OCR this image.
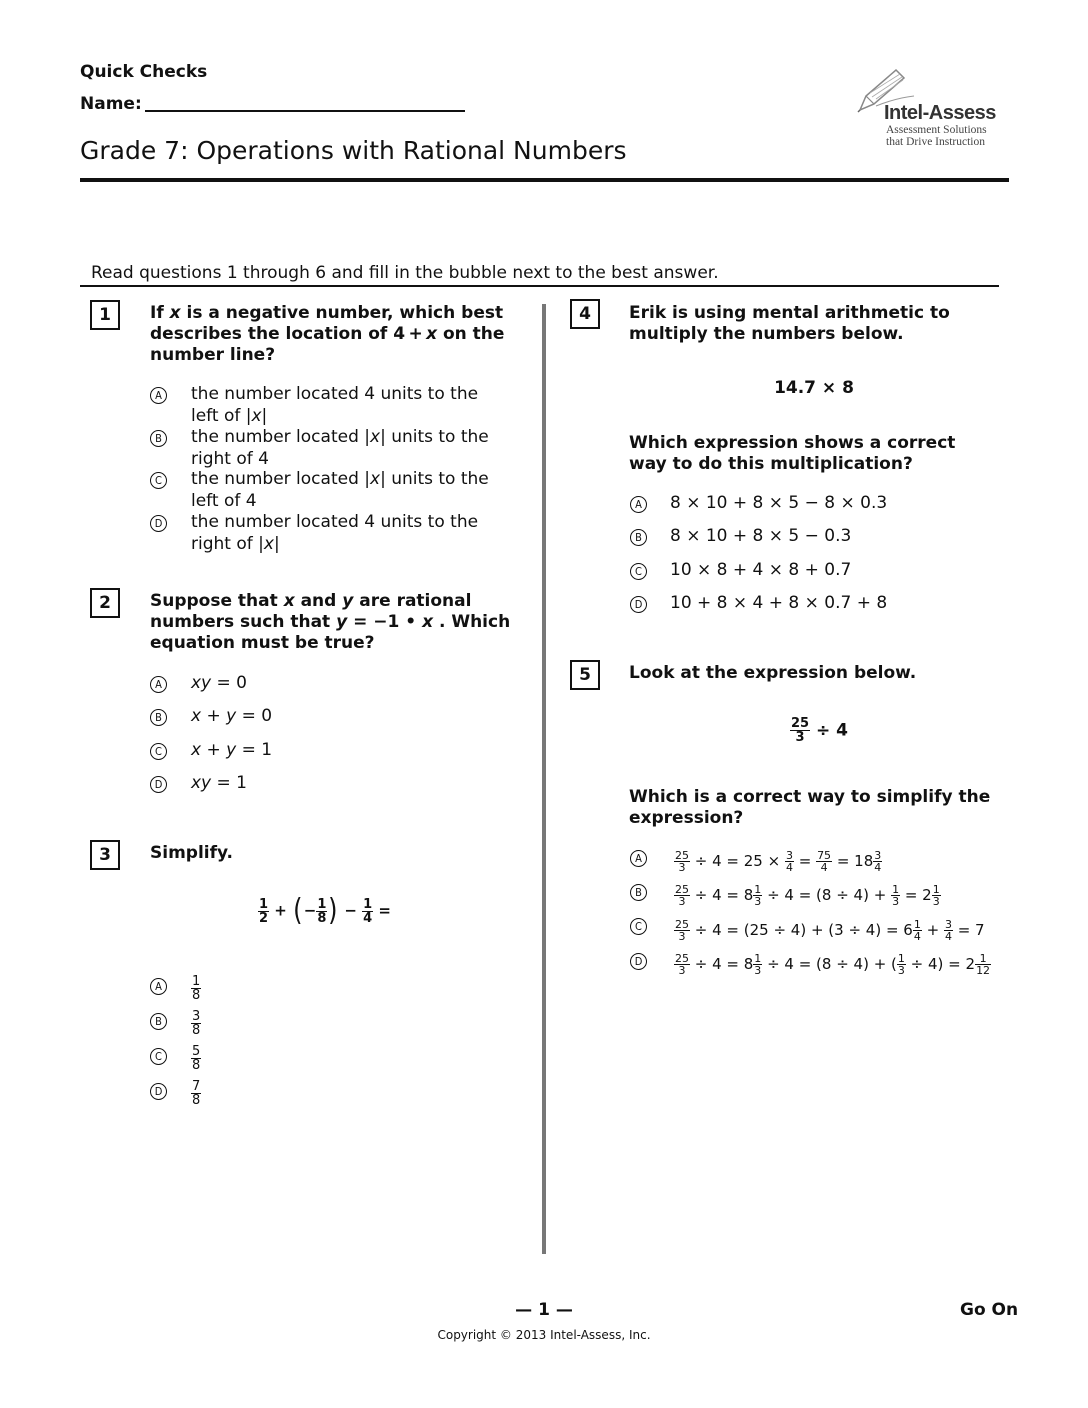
Quick Checks
Name:
Grade 7: Operations with Rational Numbers
Intel-Assess
Assessment Solutions
that Drive Instruction
Read questions 1 through 6 and fill in the bubble next to the best answer.
1	If x is a negative number, which best describes the location of 4 + x on the number line?
A	the number located 4 units to the
left of |x|
B	the number located |x| units to the
right of 4
C the number located |x| units to the
left of 4
D the number located 4 units to the
right of |x|
2	Suppose that x and y are rational numbers such that y = −1 • x . Which equation must be true?
A	xy = 0
B	x + y = 0
C x + y = 1
D xy = 1
3	Simplify.
$\frac{1}{2}$ + (− $\frac{1}{8}$ ) − $\frac{1}{4}$ =
A	$\frac{1}{8}$
B	$\frac{3}{8}$
C	$\frac{5}{8}$
D	$\frac{7}{8}$
4	Erik is using mental arithmetic to multiply the numbers below.
14.7 × 8
Which expression shows a correct way to do this multiplication?
A	8 × 10 + 8 × 5 − 8 × 0.3
B	8 × 10 + 8 × 5 − 0.3
C 10 × 8 + 4 × 8 + 0.7
D 10 + 8 × 4 + 8 × 0.7 + 8
5	Look at the expression below.
$\frac{25}{3} \div 4$
Which is a correct way to simplify the expression?
A	$\frac{25}{3} \div 4 = 25 \times \frac{3}{4} = \frac{75}{4} = 18 \frac{3}{4}$
B	$\frac{25}{3} \div 4 = 8 \frac{1}{3} \div 4 = (8 \div 4) + \frac{1}{3} = 2 \frac{1}{3}$
C	$\frac{25}{3} \div 4 = (25 \div 4) + (3 \div 4) = 6 \frac{1}{4} + \frac{3}{4} = 7$
D	$\frac{25}{3} \div 4 = 8 \frac{1}{3} \div 4 = (8 \div 4)$ + ( $\frac{1}{3} \div 4) = 2 \frac{1}{12}$
— 1 —	Go On
Copyright © 2013 Intel-Assess, Inc.
